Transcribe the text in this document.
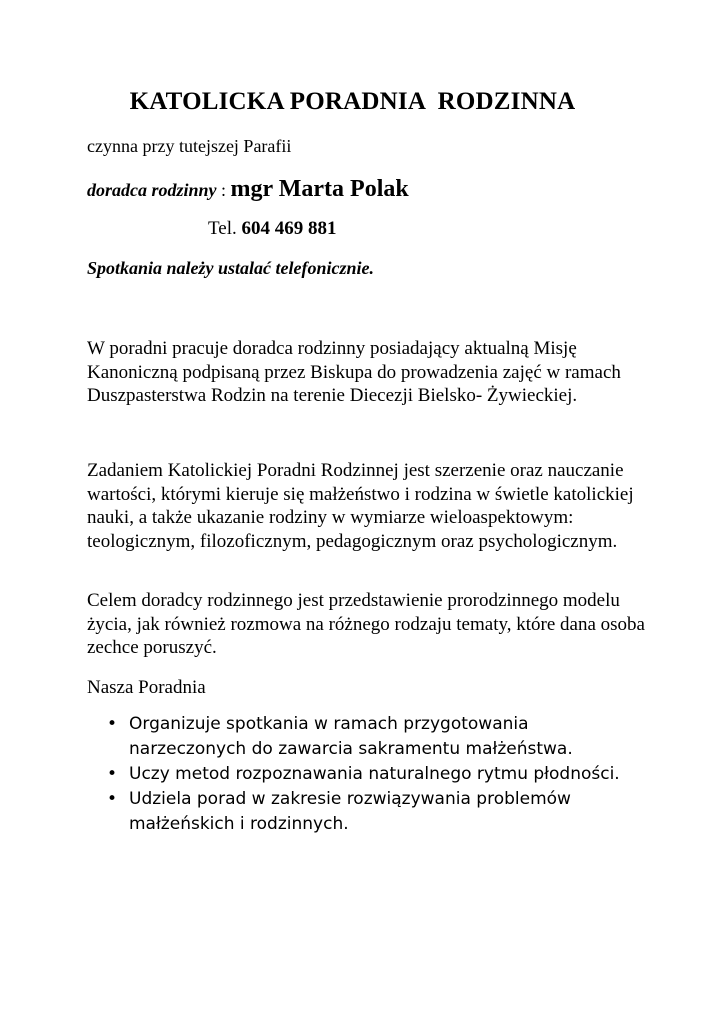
KATOLICKA PORADNIA  RODZINNA
czynna przy tutejszej Parafii
doradca rodzinny : mgr Marta Polak
Tel. 604 469 881
Spotkania należy ustalać telefonicznie.

W poradni pracuje doradca rodzinny posiadający aktualną Misję Kanoniczną podpisaną przez Biskupa do prowadzenia zajęć w ramach Duszpasterstwa Rodzin na terenie Diecezji Bielsko- Żywieckiej.

Zadaniem Katolickiej Poradni Rodzinnej jest szerzenie oraz nauczanie wartości, którymi kieruje się małżeństwo i rodzina w świetle katolickiej nauki, a także ukazanie rodziny w wymiarze wieloaspektowym: teologicznym, filozoficznym, pedagogicznym oraz psychologicznym.

Celem doradcy rodzinnego jest przedstawienie prorodzinnego modelu życia, jak również rozmowa na różnego rodzaju tematy, które dana osoba zechce poruszyć.

Nasza Poradnia

• Organizuje spotkania w ramach przygotowania narzeczonych do zawarcia sakramentu małżeństwa.
• Uczy metod rozpoznawania naturalnego rytmu płodności.
• Udziela porad w zakresie rozwiązywania problemów małżeńskich i rodzinnych.
